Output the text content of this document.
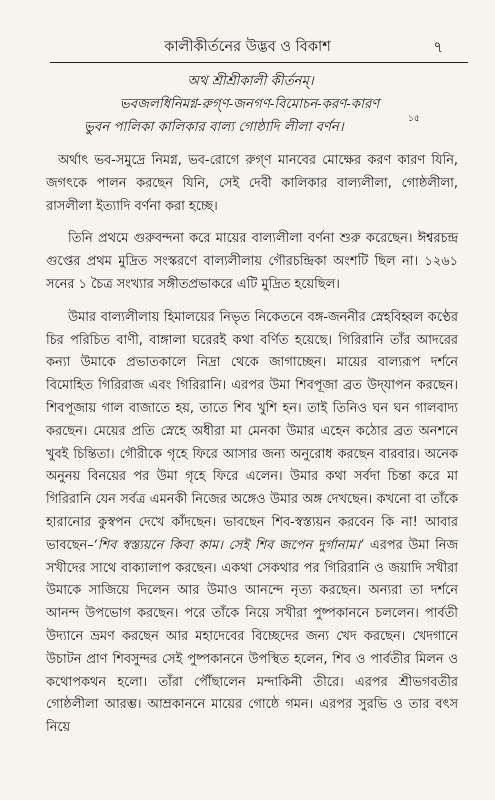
কালীকীর্তনের উদ্ভব ও বিকাশ	৭
অথ শ্রীশ্রীকালী কীর্তনম্।
ভবজলধিনিমগ্ন-রুগ্ণ-জনগণ-বিমোচন-করণ-কারণ
ভুবন পালিকা কালিকার বাল্য গোষ্ঠাদি লীলা বর্ণন।
১৫

অর্থাৎ ভব-সমুদ্রে নিমগ্ন, ভব-রোগে রুগ্ণ মানবের মোক্ষের করণ কারণ যিনি, জগৎকে পালন করছেন যিনি, সেই দেবী কালিকার বাল্যলীলা, গোষ্ঠলীলা, রাসলীলা ইত্যাদি বর্ণনা করা হচ্ছে।

তিনি প্রথমে গুরুবন্দনা করে মায়ের বাল্যলীলা বর্ণনা শুরু করেছেন। ঈশ্বরচন্দ্র গুপ্তের প্রথম মুদ্রিত সংস্করণে বাল্যলীলায় গৌরচন্দ্রিকা অংশটি ছিল না। ১২৬১ সনের ১ চৈত্র সংখ্যার সঙ্গীতপ্রভাকরে এটি মুদ্রিত হয়েছিল।

উমার বাল্যলীলায় হিমালয়ের নিভৃত নিকেতনে বঙ্গ-জননীর স্নেহবিহ্বল কণ্ঠের চির পরিচিত বাণী, বাঙ্গালা ঘরেরই কথা বর্ণিত হয়েছে। গিরিরানি তাঁর আদরের কন্যা উমাকে প্রভাতকালে নিদ্রা থেকে জাগাচ্ছেন। মায়ের বাল্যরূপ দর্শনে বিমোহিত গিরিরাজ এবং গিরিরানি। এরপর উমা শিবপূজা ব্রত উদ্‌যাপন করছেন। শিবপূজায় গাল বাজাতে হয়, তাতে শিব খুশি হন। তাই তিনিও ঘন ঘন গালবাদ্য করছেন। মেয়ের প্রতি স্নেহে অধীরা মা মেনকা উমার এহেন কঠোর ব্রত অনশনে খুবই চিন্তিতা। গৌরীকে গৃহে ফিরে আসার জন্য অনুরোধ করছেন বারবার। অনেক অনুনয় বিনয়ের পর উমা গৃহে ফিরে এলেন। উমার কথা সর্বদা চিন্তা করে মা গিরিরানি যেন সর্বত্র এমনকী নিজের অঙ্গেও উমার অঙ্গ দেখছেন। কখনো বা তাঁকে হারানোর কুস্বপন দেখে কাঁদছেন। ভাবছেন শিব-স্বস্ত্যয়ন করবেন কি না! আবার ভাবছেন–‘শিব স্বস্ত্যয়নে কিবা কাম। সেই শিব জপেন দুর্গানাম।’ এরপর উমা নিজ সখীদের সাথে বাক্যালাপ করছেন। একথা সেকথার পর গিরিরানি ও জয়াদি সখীরা উমাকে সাজিয়ে দিলেন আর উমাও আনন্দে নৃত্য করছেন। অন্যরা তা দর্শনে আনন্দ উপভোগ করছেন। পরে তাঁকে নিয়ে সখীরা পুষ্পকাননে চললেন। পার্বতী উদ্যানে ভ্রমণ করছেন আর মহাদেবের বিচ্ছেদের জন্য খেদ করছেন। খেদগানে উচাটন প্রাণ শিবসুন্দর সেই পুষ্পকাননে উপস্থিত হলেন, শিব ও পার্বতীর মিলন ও কথোপকথন হলো। তাঁরা পৌঁছালেন মন্দাকিনী তীরে। এরপর শ্রীভগবতীর গোষ্ঠলীলা আরম্ভ। আম্রকাননে মায়ের গোষ্ঠে গমন। এরপর সুরভি ও তার বৎস নিয়ে
